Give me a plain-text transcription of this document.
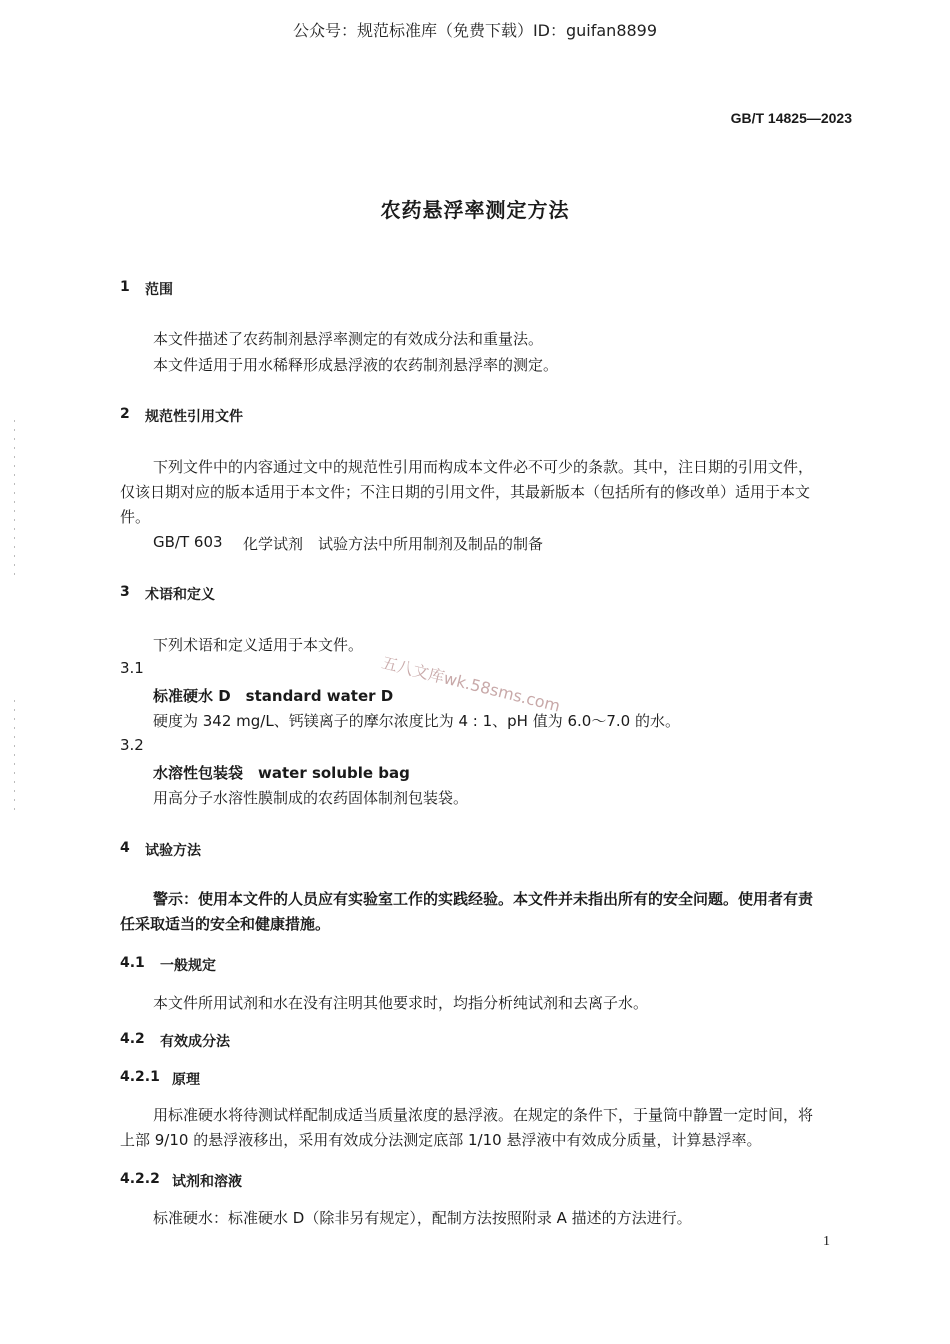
公众号：规范标准库（免费下载）ID：guifan8899
GB/T 14825—2023
农药悬浮率测定方法
1 范围
本文件描述了农药制剂悬浮率测定的有效成分法和重量法。
本文件适用于用水稀释形成悬浮液的农药制剂悬浮率的测定。
2 规范性引用文件
下列文件中的内容通过文中的规范性引用而构成本文件必不可少的条款。其中，注日期的引用文件，仅该日期对应的版本适用于本文件；不注日期的引用文件，其最新版本（包括所有的修改单）适用于本文件。
GB/T 603 化学试剂　试验方法中所用制剂及制品的制备
3 术语和定义
下列术语和定义适用于本文件。
3.1
标准硬水 D　standard water D
硬度为 342 mg/L、钙镁离子的摩尔浓度比为 4 : 1、pH 值为 6.0～7.0 的水。
3.2
水溶性包装袋　water soluble bag
用高分子水溶性膜制成的农药固体制剂包装袋。
五八文库wk.58sms.com
4 试验方法
警示：使用本文件的人员应有实验室工作的实践经验。本文件并未指出所有的安全问题。使用者有责任采取适当的安全和健康措施。
4.1 一般规定
本文件所用试剂和水在没有注明其他要求时，均指分析纯试剂和去离子水。
4.2 有效成分法
4.2.1 原理
用标准硬水将待测试样配制成适当质量浓度的悬浮液。在规定的条件下，于量筒中静置一定时间，将上部 9/10 的悬浮液移出，采用有效成分法测定底部 1/10 悬浮液中有效成分质量，计算悬浮率。
4.2.2 试剂和溶液
标准硬水：标准硬水 D（除非另有规定），配制方法按照附录 A 描述的方法进行。
1
